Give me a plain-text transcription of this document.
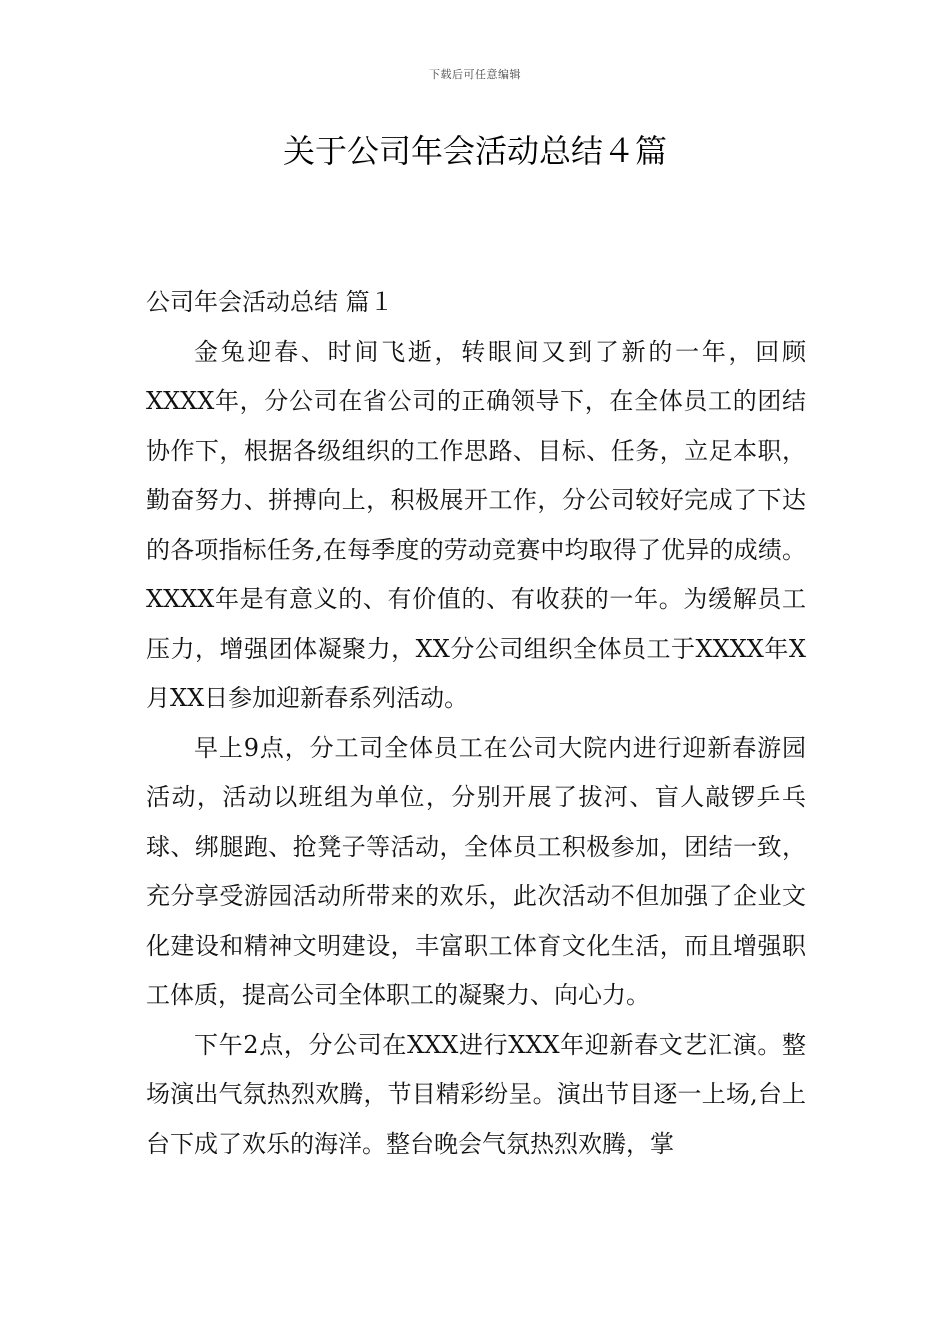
下载后可任意编辑
关于公司年会活动总结４篇
公司年会活动总结 篇１

金兔迎春、时间飞逝，转眼间又到了新的一年，回顾XXXX年，分公司在省公司的正确领导下，在全体员工的团结协作下，根据各级组织的工作思路、目标、任务，立足本职，勤奋努力、拼搏向上，积极展开工作，分公司较好完成了下达的各项指标任务,在每季度的劳动竞赛中均取得了优异的成绩。XXXX年是有意义的、有价值的、有收获的一年。为缓解员工压力，增强团体凝聚力，XX分公司组织全体员工于XXXX年X月XX日参加迎新春系列活动。

早上9点，分工司全体员工在公司大院内进行迎新春游园活动，活动以班组为单位，分别开展了拔河、盲人敲锣乒乓球、绑腿跑、抢凳子等活动，全体员工积极参加，团结一致，充分享受游园活动所带来的欢乐，此次活动不但加强了企业文化建设和精神文明建设，丰富职工体育文化生活，而且增强职工体质，提高公司全体职工的凝聚力、向心力。

下午2点，分公司在XXX进行XXX年迎新春文艺汇演。整场演出气氛热烈欢腾，节目精彩纷呈。演出节目逐一上场,台上台下成了欢乐的海洋。整台晚会气氛热烈欢腾，掌
